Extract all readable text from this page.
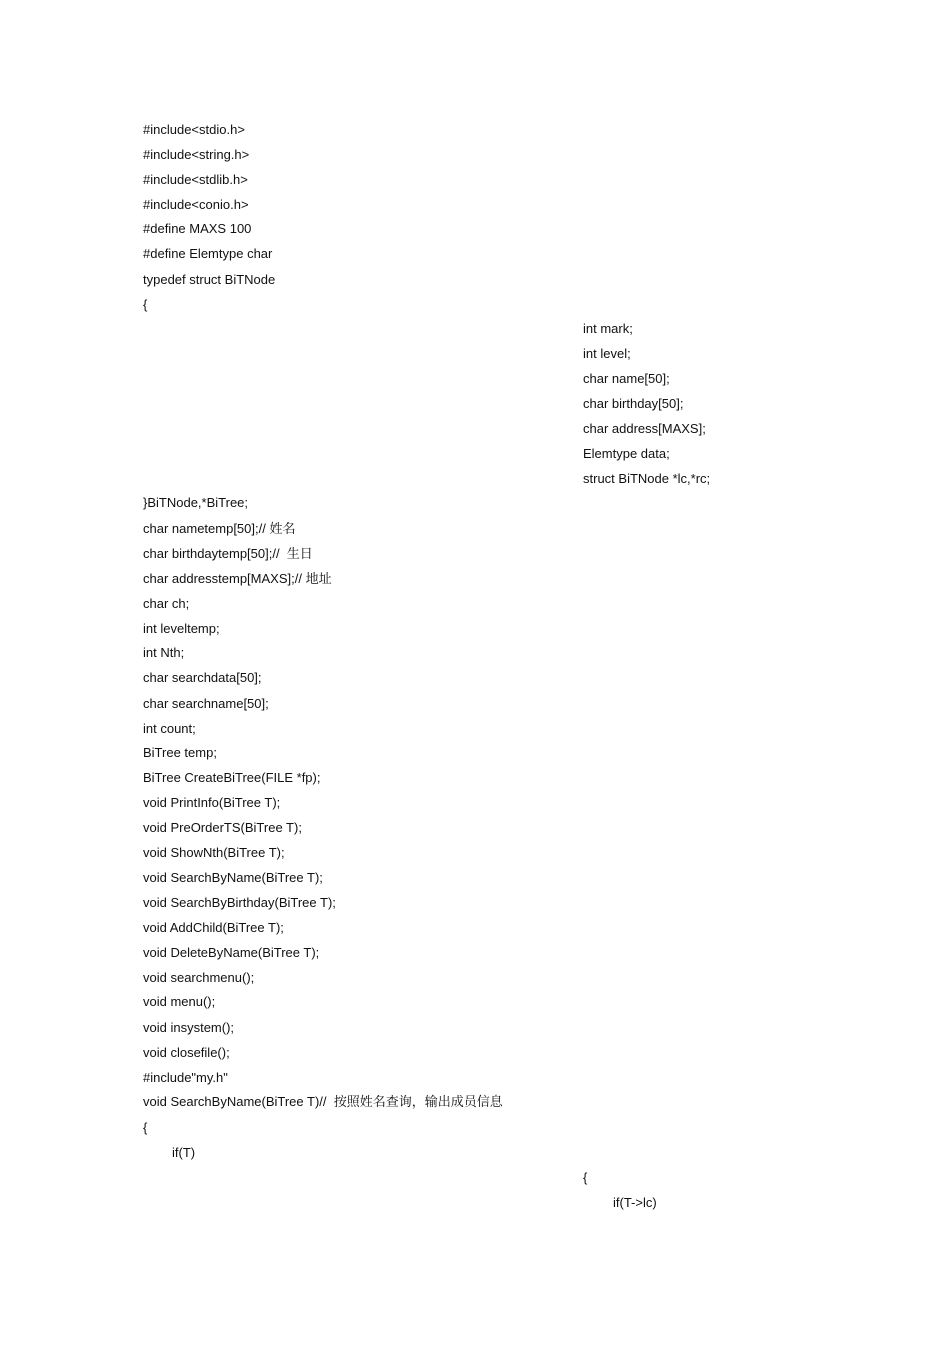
#include<stdio.h>
#include<string.h>
#include<stdlib.h>
#include<conio.h>
#define MAXS 100
#define Elemtype char
typedef struct BiTNode
{
int mark;
int level;
char name[50];
char birthday[50];
char address[MAXS];
Elemtype data;
struct BiTNode *lc,*rc;
}BiTNode,*BiTree;
char nametemp[50];// 姓名
char birthdaytemp[50];//  生日
char addresstemp[MAXS];// 地址
char ch;
int leveltemp;
int Nth;
char searchdata[50];
char searchname[50];
int count;
BiTree temp;
BiTree CreateBiTree(FILE *fp);
void PrintInfo(BiTree T);
void PreOrderTS(BiTree T);
void ShowNth(BiTree T);
void SearchByName(BiTree T);
void SearchByBirthday(BiTree T);
void AddChild(BiTree T);
void DeleteByName(BiTree T);
void searchmenu();
void menu();
void insystem();
void closefile();
#include"my.h"
void SearchByName(BiTree T)//  按照姓名查询，输出成员信息
{
if(T)
{
if(T->lc)
